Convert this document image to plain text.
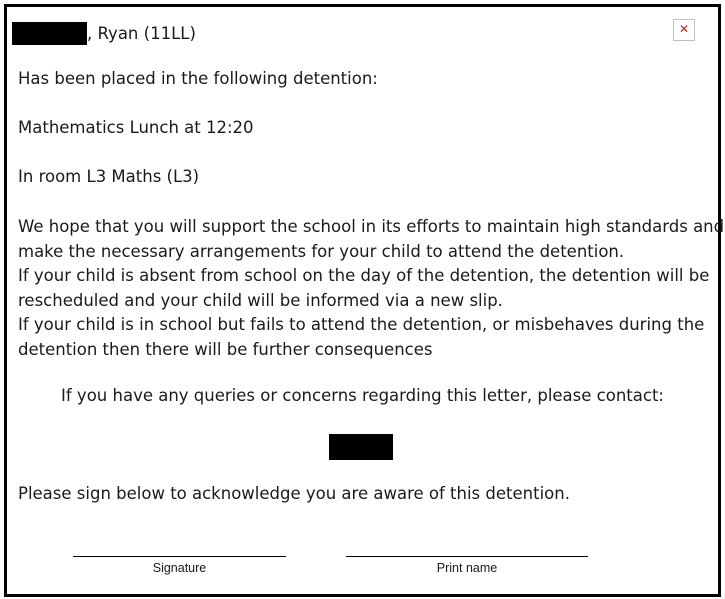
, Ryan (11LL)	✕

Has been placed in the following detention:

Mathematics Lunch at 12:20

In room L3 Maths (L3)

We hope that you will support the school in its efforts to maintain high standards and
make the necessary arrangements for your child to attend the detention.
If your child is absent from school on the day of the detention, the detention will be
rescheduled and your child will be informed via a new slip.
If your child is in school but fails to attend the detention, or misbehaves during the
detention then there will be further consequences
If you have any queries or concerns regarding this letter, please contact:

Please sign below to acknowledge you are aware of this detention.

Signature	Print name
